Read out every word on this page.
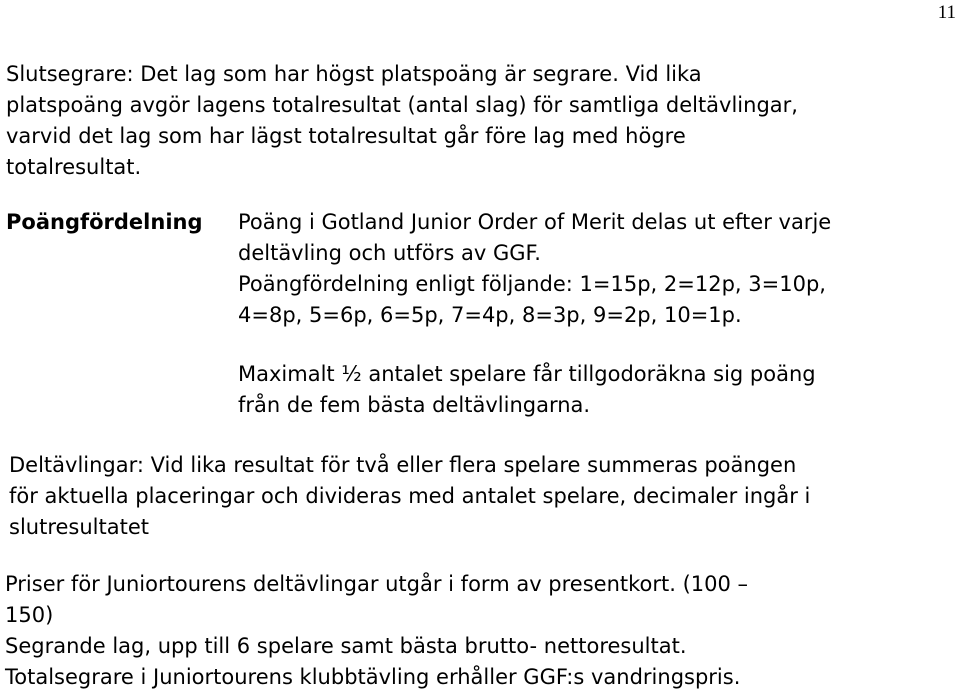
11
Slutsegrare: Det lag som har högst platspoäng är segrare. Vid lika
platspoäng avgör lagens totalresultat (antal slag) för samtliga deltävlingar,
varvid det lag som har lägst totalresultat går före lag med högre
totalresultat.
Poängfördelning Poäng i Gotland Junior Order of Merit delas ut efter varje
deltävling och utförs av GGF.
Poängfördelning enligt följande: 1=15p, 2=12p, 3=10p,
4=8p, 5=6p, 6=5p, 7=4p, 8=3p, 9=2p, 10=1p.
Maximalt ½ antalet spelare får tillgodoräkna sig poäng
från de fem bästa deltävlingarna.
Deltävlingar: Vid lika resultat för två eller flera spelare summeras poängen
för aktuella placeringar och divideras med antalet spelare, decimaler ingår i
slutresultatet
Priser för Juniortourens deltävlingar utgår i form av presentkort. (100 –
150)
Segrande lag, upp till 6 spelare samt bästa brutto- nettoresultat.
Totalsegrare i Juniortourens klubbtävling erhåller GGF:s vandringspris.
